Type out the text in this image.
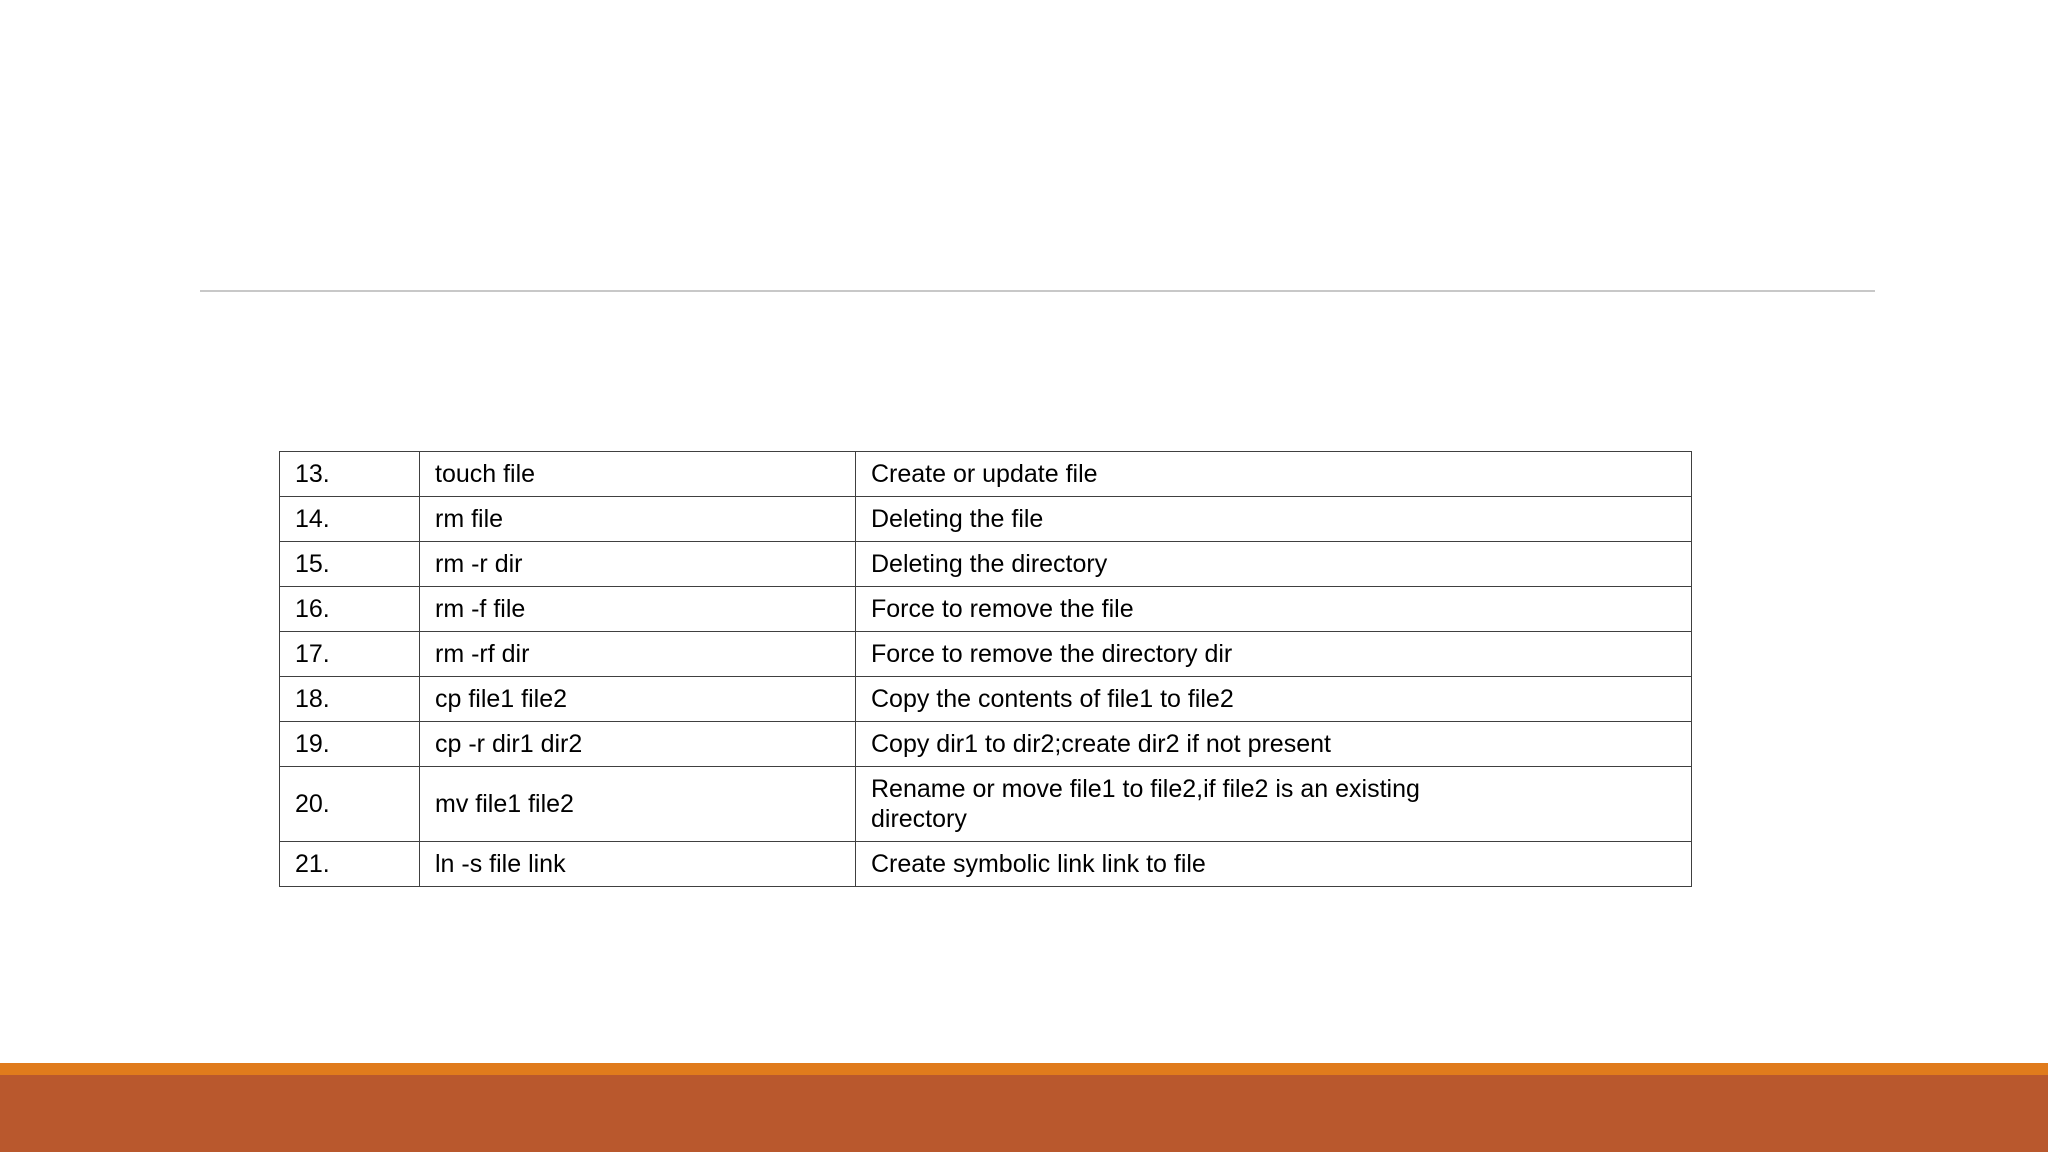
13.	touch file	Create or update file

14.	rm file	Deleting the file

15.	rm -r dir	Deleting the directory

16.	rm -f file	Force to remove the file

17.	rm -rf dir	Force to remove the directory dir

18.	cp file1 file2	Copy the contents of file1 to file2

19.	cp -r dir1 dir2	Copy dir1 to dir2;create dir2 if not present

20.	mv file1 file2	Rename or move file1 to file2,if file2 is an existing directory

21.	ln -s file link	Create symbolic link link to file
